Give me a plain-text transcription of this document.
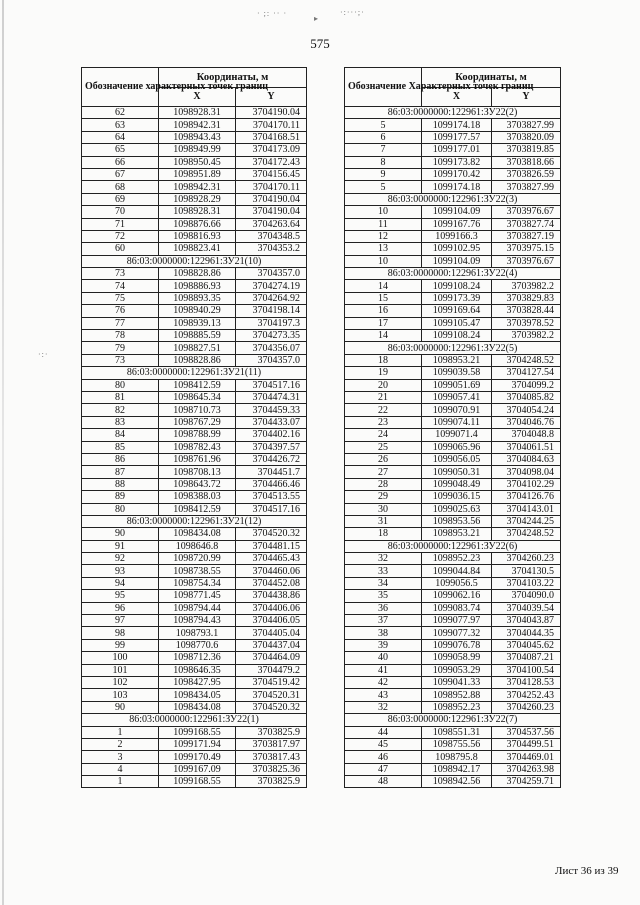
· ;: ·· ·
▸
·:···;·
·:·
575
Обозначение характерных точек границ	Координаты, м	
	X	Y
62	1098928.31	3704190.04
63	1098942.31	3704170.11
64	1098943.43	3704168.51
65	1098949.99	3704173.09
66	1098950.45	3704172.43
67	1098951.89	3704156.45
68	1098942.31	3704170.11
69	1098928.29	3704190.04
70	1098928.31	3704190.04
71	1098876.66	3704263.64
72	1098816.93	3704348.5
60	1098823.41	3704353.2
86:03:0000000:122961:ЗУ21(10)		
73	1098828.86	3704357.0
74	1098886.93	3704274.19
75	1098893.35	3704264.92
76	1098940.29	3704198.14
77	1098939.13	3704197.3
78	1098885.59	3704273.35
79	1098827.51	3704356.07
73	1098828.86	3704357.0
86:03:0000000:122961:ЗУ21(11)		
80	1098412.59	3704517.16
81	1098645.34	3704474.31
82	1098710.73	3704459.33
83	1098767.29	3704433.07
84	1098788.99	3704402.16
85	1098782.43	3704397.57
86	1098761.96	3704426.72
87	1098708.13	3704451.7
88	1098643.72	3704466.46
89	1098388.03	3704513.55
80	1098412.59	3704517.16
86:03:0000000:122961:ЗУ21(12)		
90	1098434.08	3704520.32
91	1098646.8	3704481.15
92	1098720.99	3704465.43
93	1098738.55	3704460.06
94	1098754.34	3704452.08
95	1098771.45	3704438.86
96	1098794.44	3704406.06
97	1098794.43	3704406.05
98	1098793.1	3704405.04
99	1098770.6	3704437.04
100	1098712.36	3704464.09
101	1098646.35	3704479.2
102	1098427.95	3704519.42
103	1098434.05	3704520.31
90	1098434.08	3704520.32
86:03:0000000:122961:ЗУ22(1)		
1	1099168.55	3703825.9
2	1099171.94	3703817.97
3	1099170.49	3703817.43
4	1099167.09	3703825.36
1	1099168.55	3703825.9
Обозначение Характерных точек границ	Координаты, м	
	X	Y
86:03:0000000:122961:ЗУ22(2)		
5	1099174.18	3703827.99
6	1099177.57	3703820.09
7	1099177.01	3703819.85
8	1099173.82	3703818.66
9	1099170.42	3703826.59
5	1099174.18	3703827.99
86:03:0000000:122961:ЗУ22(3)		
10	1099104.09	3703976.67
11	1099167.76	3703827.74
12	1099166.3	3703827.19
13	1099102.95	3703975.15
10	1099104.09	3703976.67
86:03:0000000:122961:ЗУ22(4)		
14	1099108.24	3703982.2
15	1099173.39	3703829.83
16	1099169.64	3703828.44
17	1099105.47	3703978.52
14	1099108.24	3703982.2
86:03:0000000:122961:ЗУ22(5)		
18	1098953.21	3704248.52
19	1099039.58	3704127.54
20	1099051.69	3704099.2
21	1099057.41	3704085.82
22	1099070.91	3704054.24
23	1099074.11	3704046.76
24	1099071.4	3704048.8
25	1099065.96	3704061.51
26	1099056.05	3704084.63
27	1099050.31	3704098.04
28	1099048.49	3704102.29
29	1099036.15	3704126.76
30	1099025.63	3704143.01
31	1098953.56	3704244.25
18	1098953.21	3704248.52
86:03:0000000:122961:ЗУ22(6)		
32	1098952.23	3704260.23
33	1099044.84	3704130.5
34	1099056.5	3704103.22
35	1099062.16	3704090.0
36	1099083.74	3704039.54
37	1099077.97	3704043.87
38	1099077.32	3704044.35
39	1099076.78	3704045.62
40	1099058.99	3704087.21
41	1099053.29	3704100.54
42	1099041.33	3704128.53
43	1098952.88	3704252.43
32	1098952.23	3704260.23
86:03:0000000:122961:ЗУ22(7)		
44	1098551.31	3704537.56
45	1098755.56	3704499.51
46	1098795.8	3704469.01
47	1098942.17	3704263.98
48	1098942.56	3704259.71
Лист 36 из 39
